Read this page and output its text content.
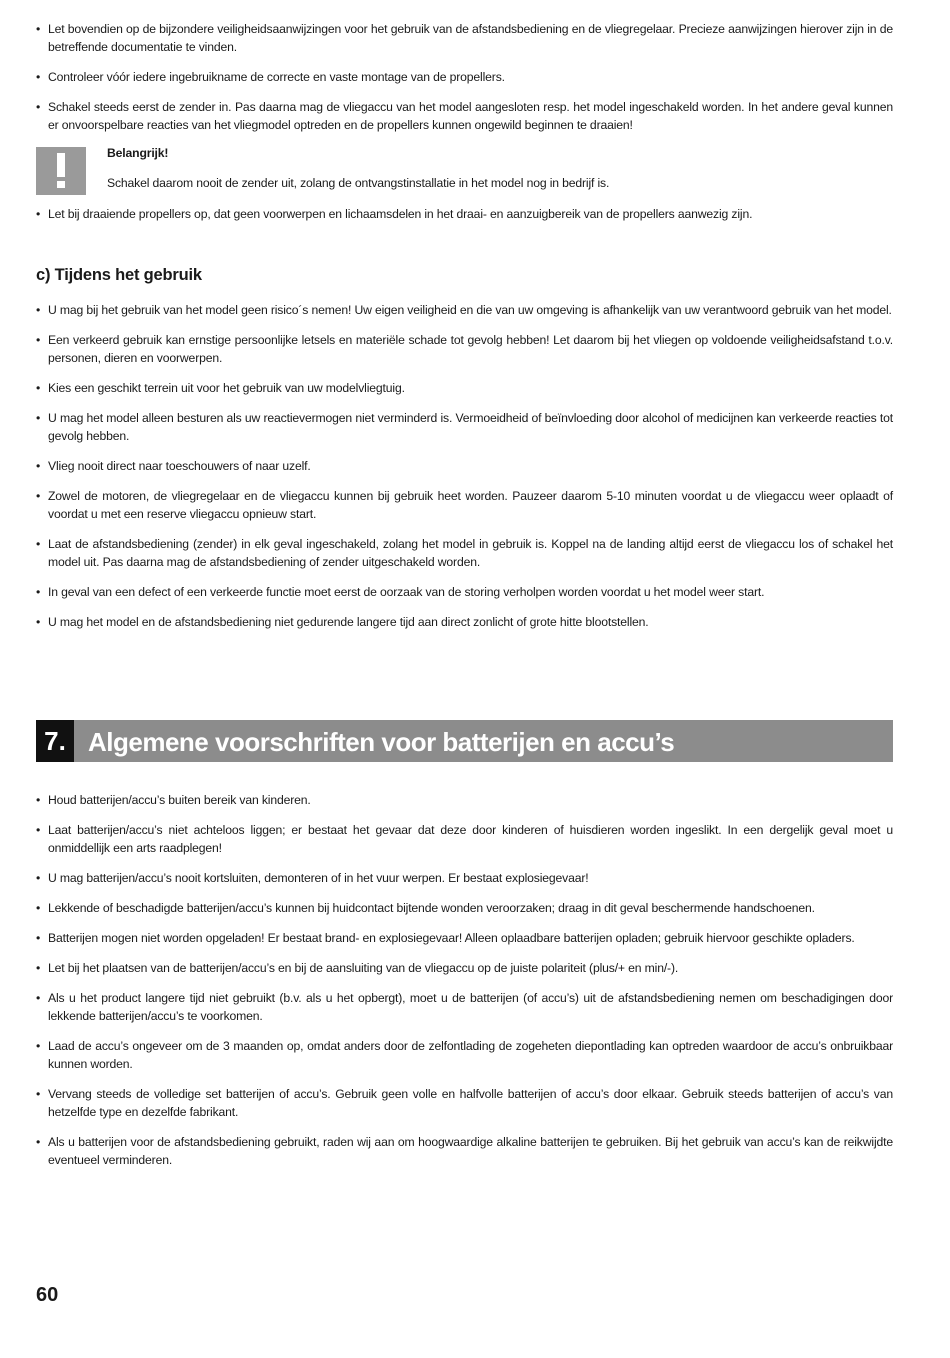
• Let bovendien op de bijzondere veiligheidsaanwijzingen voor het gebruik van de afstandsbediening en de vliegregelaar. Precieze aanwijzingen hierover zijn in de betreffende documentatie te vinden.
• Controleer vóór iedere ingebruikname de correcte en vaste montage van de propellers.
• Schakel steeds eerst de zender in. Pas daarna mag de vliegaccu van het model aangesloten resp. het model ingeschakeld worden. In het andere geval kunnen er onvoorspelbare reacties van het vliegmodel optreden en de propellers kunnen ongewild beginnen te draaien!
Belangrijk!
Schakel daarom nooit de zender uit, zolang de ontvangstinstallatie in het model nog in bedrijf is.
• Let bij draaiende propellers op, dat geen voorwerpen en lichaamsdelen in het draai- en aanzuigbereik van de propellers aanwezig zijn.
c) Tijdens het gebruik
• U mag bij het gebruik van het model geen risico´s nemen! Uw eigen veiligheid en die van uw omgeving is afhankelijk van uw verantwoord gebruik van het model.
• Een verkeerd gebruik kan ernstige persoonlijke letsels en materiële schade tot gevolg hebben! Let daarom bij het vliegen op voldoende veiligheidsafstand t.o.v. personen, dieren en voorwerpen.
• Kies een geschikt terrein uit voor het gebruik van uw modelvliegtuig.
• U mag het model alleen besturen als uw reactievermogen niet verminderd is. Vermoeidheid of beïnvloeding door alcohol of medicijnen kan verkeerde reacties tot gevolg hebben.
• Vlieg nooit direct naar toeschouwers of naar uzelf.
• Zowel de motoren, de vliegregelaar en de vliegaccu kunnen bij gebruik heet worden. Pauzeer daarom 5-10 minuten voordat u de vliegaccu weer oplaadt of voordat u met een reserve vliegaccu opnieuw start.
• Laat de afstandsbediening (zender) in elk geval ingeschakeld, zolang het model in gebruik is. Koppel na de landing altijd eerst de vliegaccu los of schakel het model uit. Pas daarna mag de afstandsbediening of zender uitgeschakeld worden.
• In geval van een defect of een verkeerde functie moet eerst de oorzaak van de storing verholpen worden voordat u het model weer start.
• U mag het model en de afstandsbediening niet gedurende langere tijd aan direct zonlicht of grote hitte blootstellen.
7. Algemene voorschriften voor batterijen en accu’s
• Houd batterijen/accu’s buiten bereik van kinderen.
• Laat batterijen/accu’s niet achteloos liggen; er bestaat het gevaar dat deze door kinderen of huisdieren worden ingeslikt. In een dergelijk geval moet u onmiddellijk een arts raadplegen!
• U mag batterijen/accu’s nooit kortsluiten, demonteren of in het vuur werpen. Er bestaat explosiegevaar!
• Lekkende of beschadigde batterijen/accu’s kunnen bij huidcontact bijtende wonden veroorzaken; draag in dit geval beschermende handschoenen.
• Batterijen mogen niet worden opgeladen! Er bestaat brand- en explosiegevaar! Alleen oplaadbare batterijen opladen; gebruik hiervoor geschikte opladers.
• Let bij het plaatsen van de batterijen/accu’s en bij de aansluiting van de vliegaccu op de juiste polariteit (plus/+ en min/-).
• Als u het product langere tijd niet gebruikt (b.v. als u het opbergt), moet u de batterijen (of accu’s) uit de afstandsbediening nemen om beschadigingen door lekkende batterijen/accu’s te voorkomen.
• Laad de accu’s ongeveer om de 3 maanden op, omdat anders door de zelfontlading de zogeheten diepontlading kan optreden waardoor de accu’s onbruikbaar kunnen worden.
• Vervang steeds de volledige set batterijen of accu’s. Gebruik geen volle en halfvolle batterijen of accu’s door elkaar. Gebruik steeds batterijen of accu’s van hetzelfde type en dezelfde fabrikant.
• Als u batterijen voor de afstandsbediening gebruikt, raden wij aan om hoogwaardige alkaline batterijen te gebruiken. Bij het gebruik van accu’s kan de reikwijdte eventueel verminderen.
60
